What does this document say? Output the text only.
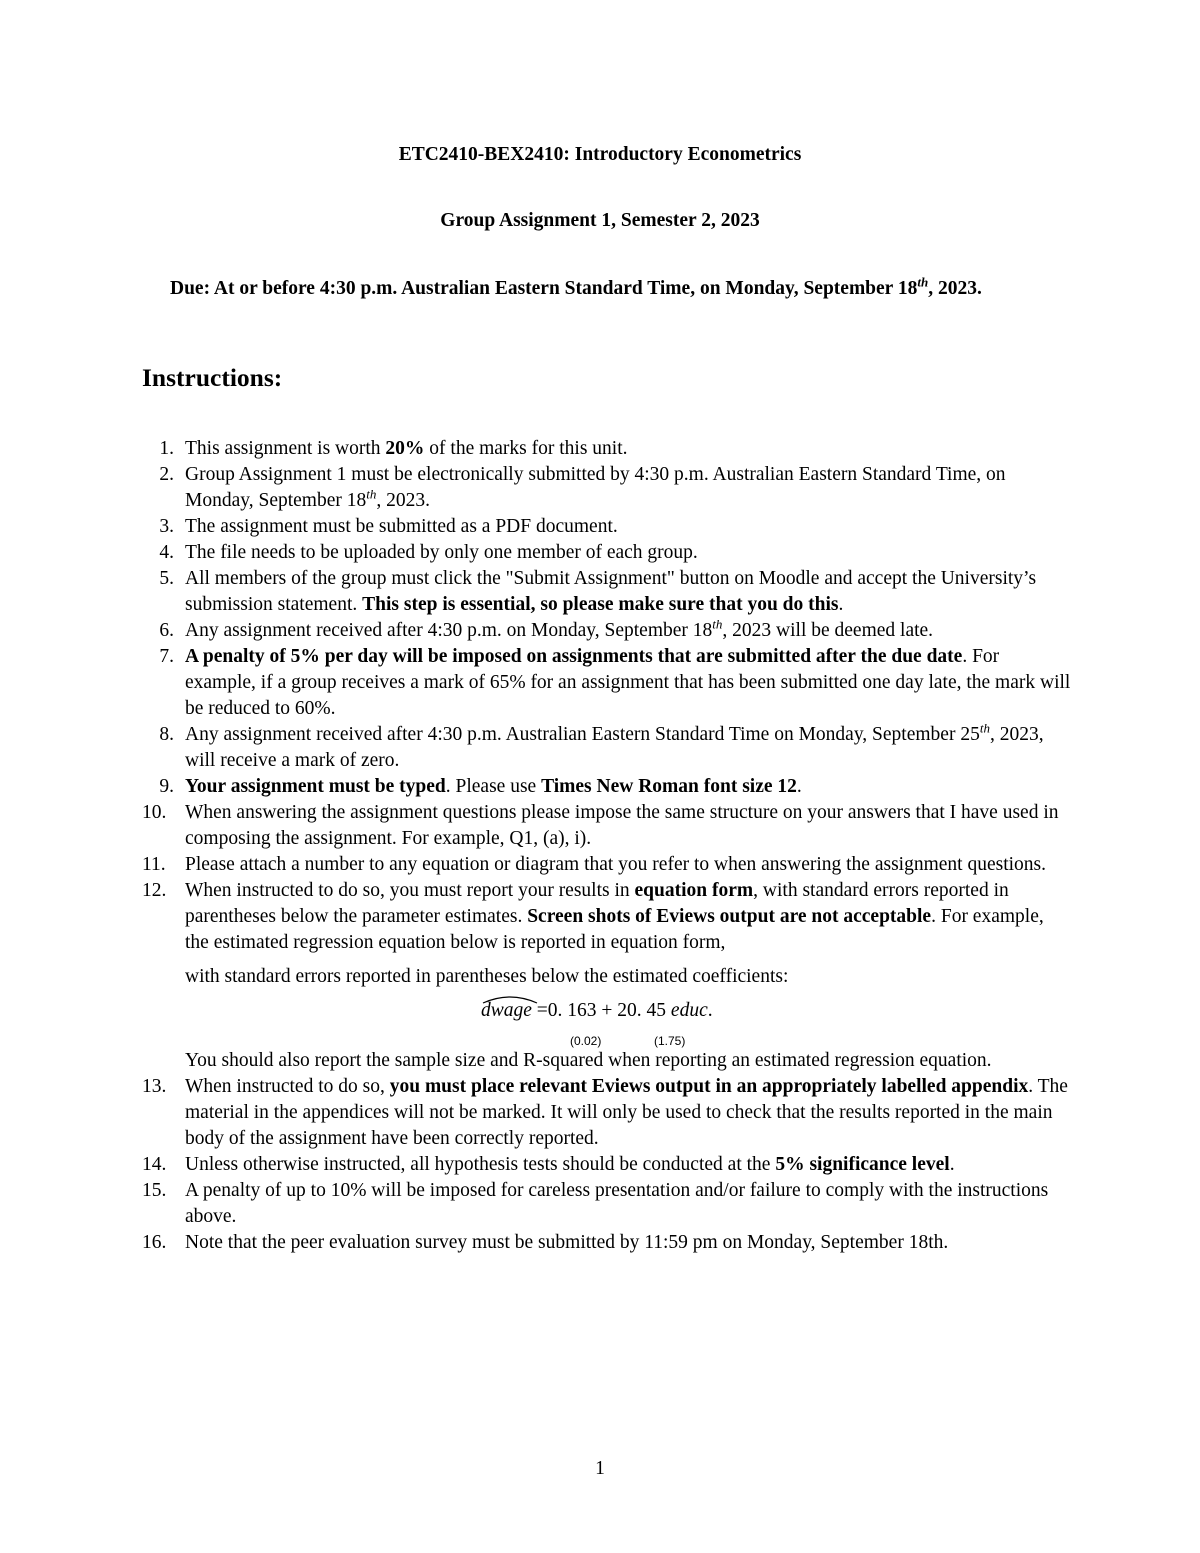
ETC2410-BEX2410: Introductory Econometrics
Group Assignment 1, Semester 2, 2023
Due: At or before 4:30 p.m. Australian Eastern Standard Time, on Monday, September 18th, 2023.
Instructions:
1. This assignment is worth 20% of the marks for this unit.
2. Group Assignment 1 must be electronically submitted by 4:30 p.m. Australian Eastern Standard Time, on Monday, September 18th, 2023.
3. The assignment must be submitted as a PDF document.
4. The file needs to be uploaded by only one member of each group.
5. All members of the group must click the "Submit Assignment" button on Moodle and accept the University’s submission statement. This step is essential, so please make sure that you do this.
6. Any assignment received after 4:30 p.m. on Monday, September 18th, 2023 will be deemed late.
7. A penalty of 5% per day will be imposed on assignments that are submitted after the due date. For example, if a group receives a mark of 65% for an assignment that has been submitted one day late, the mark will be reduced to 60%.
8. Any assignment received after 4:30 p.m. Australian Eastern Standard Time on Monday, September 25th, 2023, will receive a mark of zero.
9. Your assignment must be typed. Please use Times New Roman font size 12.
10. When answering the assignment questions please impose the same structure on your answers that I have used in composing the assignment. For example, Q1, (a), i).
11. Please attach a number to any equation or diagram that you refer to when answering the assignment questions.
12. When instructed to do so, you must report your results in equation form, with standard errors reported in parentheses below the parameter estimates. Screen shots of Eviews output are not acceptable. For example, the estimated regression equation below is reported in equation form,
with standard errors reported in parentheses below the estimated coefficients:
dwage =0. 163 + 20. 45 educ.
(0.02)	(1.75)
You should also report the sample size and R-squared when reporting an estimated regression equation.
13. When instructed to do so, you must place relevant Eviews output in an appropriately labelled appendix. The material in the appendices will not be marked. It will only be used to check that the results reported in the main body of the assignment have been correctly reported.
14. Unless otherwise instructed, all hypothesis tests should be conducted at the 5% significance level.
15. A penalty of up to 10% will be imposed for careless presentation and/or failure to comply with the instructions above.
16. Note that the peer evaluation survey must be submitted by 11:59 pm on Monday, September 18th.
1
